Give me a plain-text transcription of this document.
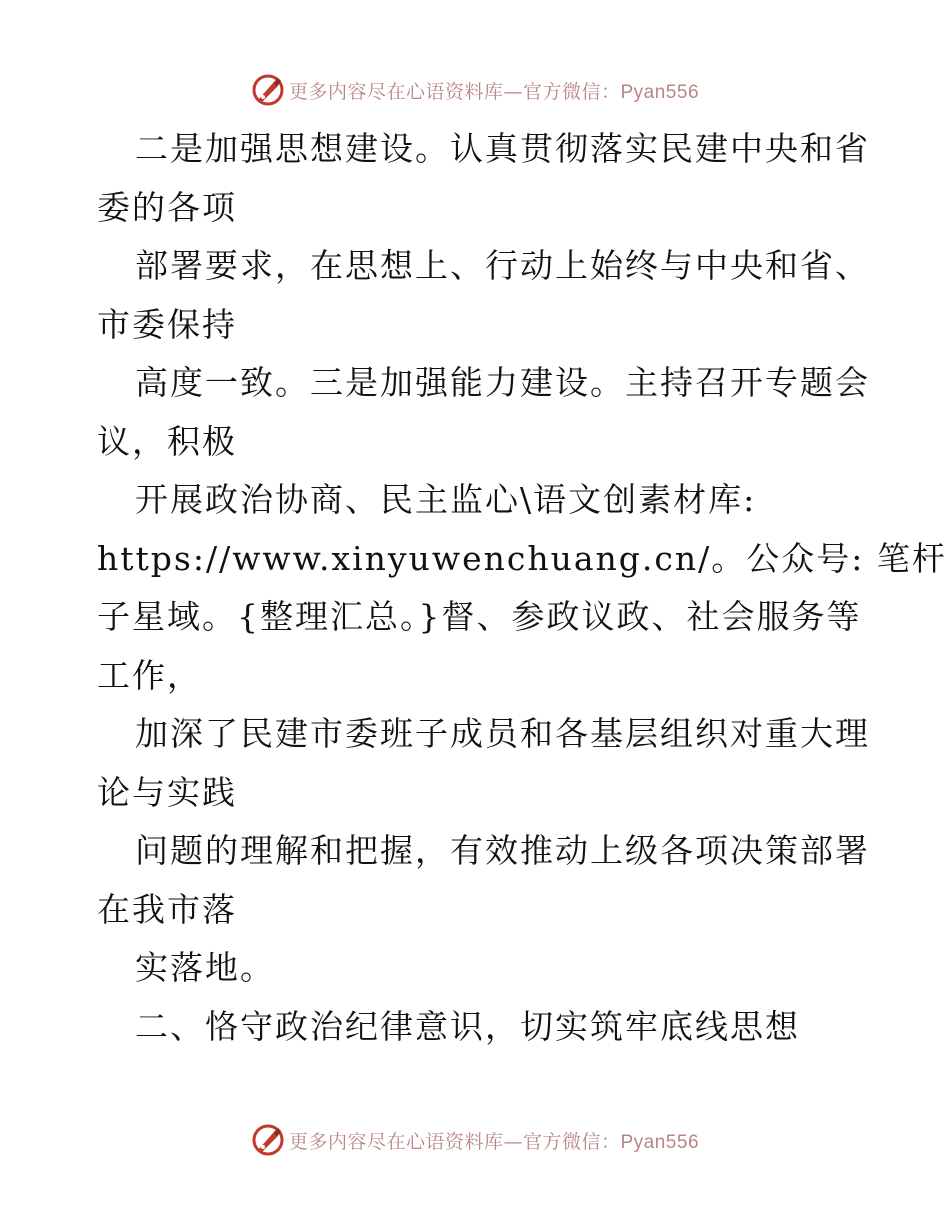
更多内容尽在心语资料库—官方微信：Pyan556
二是加强思想建设。认真贯彻落实民建中央和省
委的各项
部署要求，在思想上、行动上始终与中央和省、
市委保持
高度一致。三是加强能力建设。主持召开专题会
议，积极
开展政治协商、民主监心\语文创素材库:
https://www.xinyuwenchuang.cn/。公众号: 笔杆
子星域。{整理汇总。}督、参政议政、社会服务等
工作，
加深了民建市委班子成员和各基层组织对重大理
论与实践
问题的理解和把握，有效推动上级各项决策部署
在我市落
实落地。
二、恪守政治纪律意识，切实筑牢底线思想
更多内容尽在心语资料库—官方微信：Pyan556
